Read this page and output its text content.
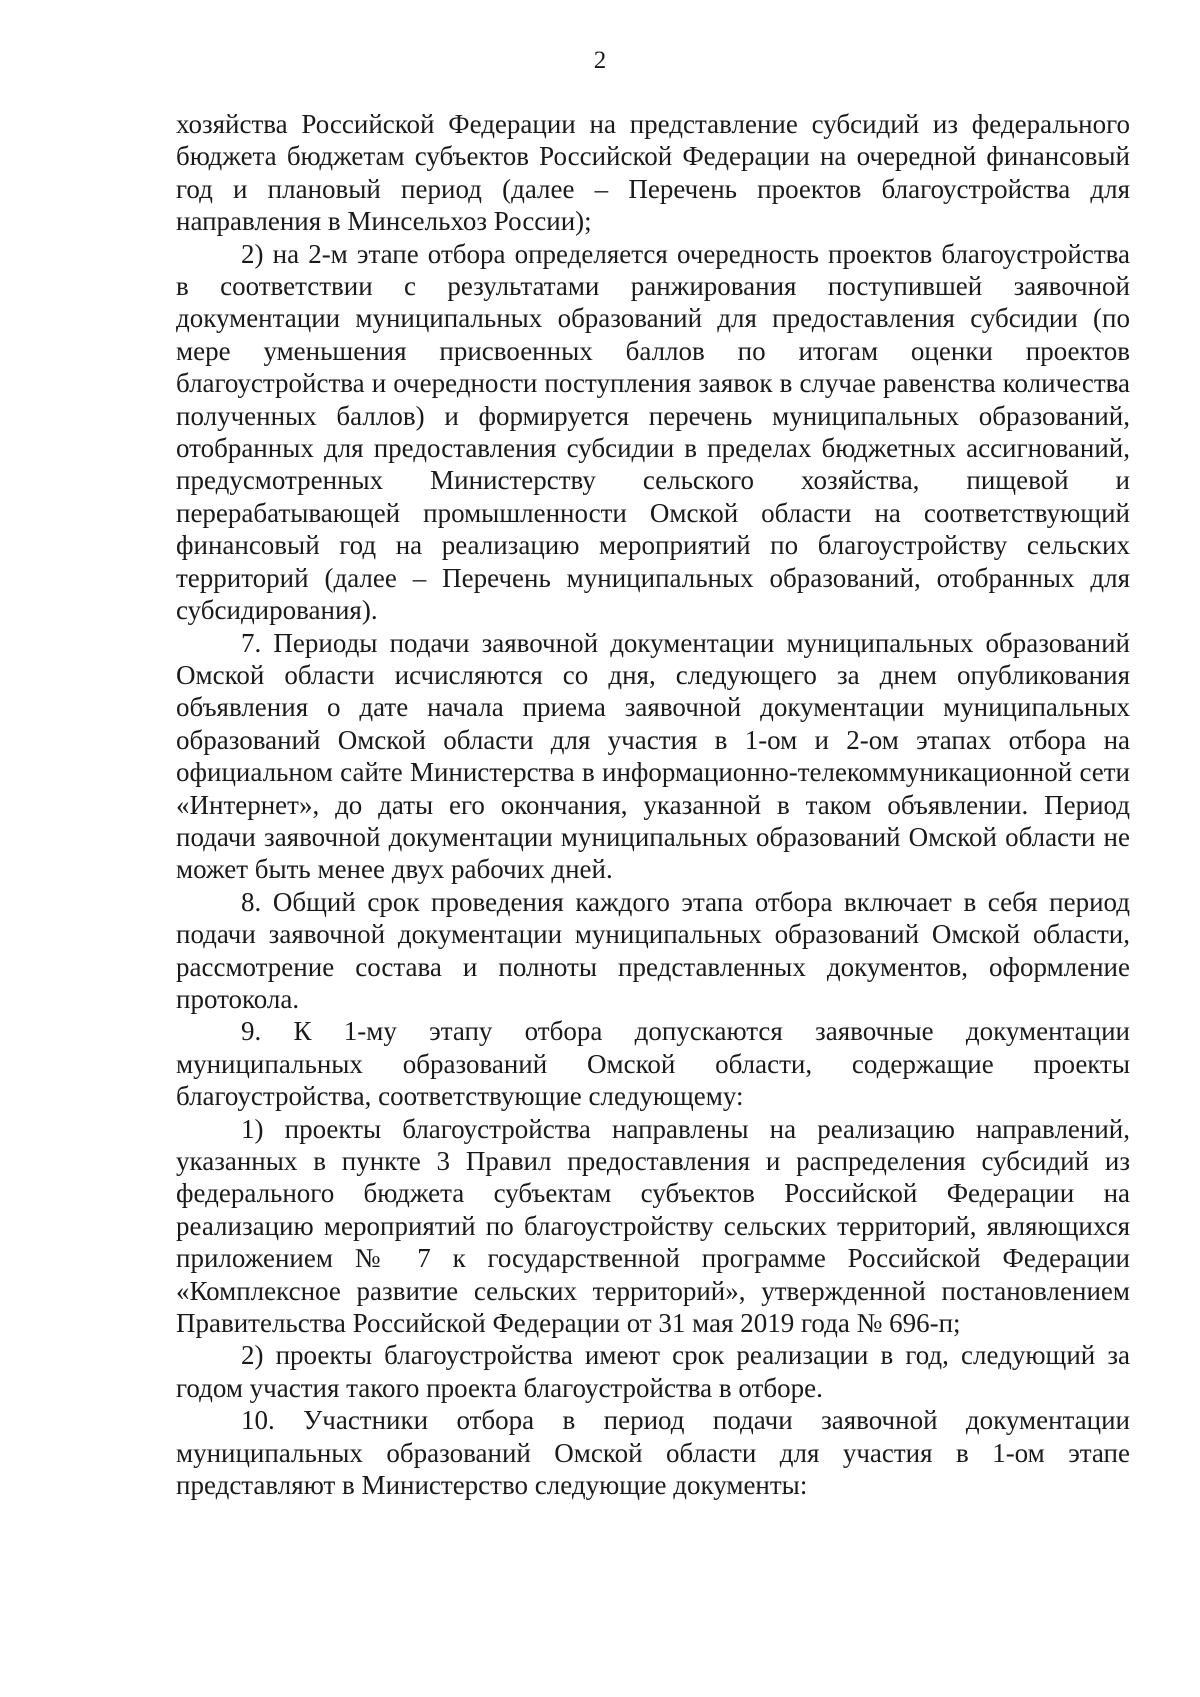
2

хозяйства Российской Федерации на представление субсидий из федерального бюджета бюджетам субъектов Российской Федерации на очередной финансовый год и плановый период (далее – Перечень проектов благоустройства для направления в Минсельхоз России);

2) на 2-м этапе отбора определяется очередность проектов благоустройства в соответствии с результатами ранжирования поступившей заявочной документации муниципальных образований для предоставления субсидии (по мере уменьшения присвоенных баллов по итогам оценки проектов благоустройства и очередности поступления заявок в случае равенства количества полученных баллов) и формируется перечень муниципальных образований, отобранных для предоставления субсидии в пределах бюджетных ассигнований, предусмотренных Министерству сельского хозяйства, пищевой и перерабатывающей промышленности Омской области на соответствующий финансовый год на реализацию мероприятий по благоустройству сельских территорий (далее – Перечень муниципальных образований, отобранных для субсидирования).

7. Периоды подачи заявочной документации муниципальных образований Омской области исчисляются со дня, следующего за днем опубликования объявления о дате начала приема заявочной документации муниципальных образований Омской области для участия в 1-ом и 2-ом этапах отбора на официальном сайте Министерства в информационно-телекоммуникационной сети «Интернет», до даты его окончания, указанной в таком объявлении. Период подачи заявочной документации муниципальных образований Омской области не может быть менее двух рабочих дней.

8. Общий срок проведения каждого этапа отбора включает в себя период подачи заявочной документации муниципальных образований Омской области, рассмотрение состава и полноты представленных документов, оформление протокола.

9. К 1-му этапу отбора допускаются заявочные документации муниципальных образований Омской области, содержащие проекты благоустройства, соответствующие следующему:

1) проекты благоустройства направлены на реализацию направлений, указанных в пункте 3 Правил предоставления и распределения субсидий из федерального бюджета субъектам субъектов Российской Федерации на реализацию мероприятий по благоустройству сельских территорий, являющихся приложением № 7 к государственной программе Российской Федерации «Комплексное развитие сельских территорий», утвержденной постановлением Правительства Российской Федерации от 31 мая 2019 года № 696-п;

2) проекты благоустройства имеют срок реализации в год, следующий за годом участия такого проекта благоустройства в отборе.

10. Участники отбора в период подачи заявочной документации муниципальных образований Омской области для участия в 1-ом этапе представляют в Министерство следующие документы:
